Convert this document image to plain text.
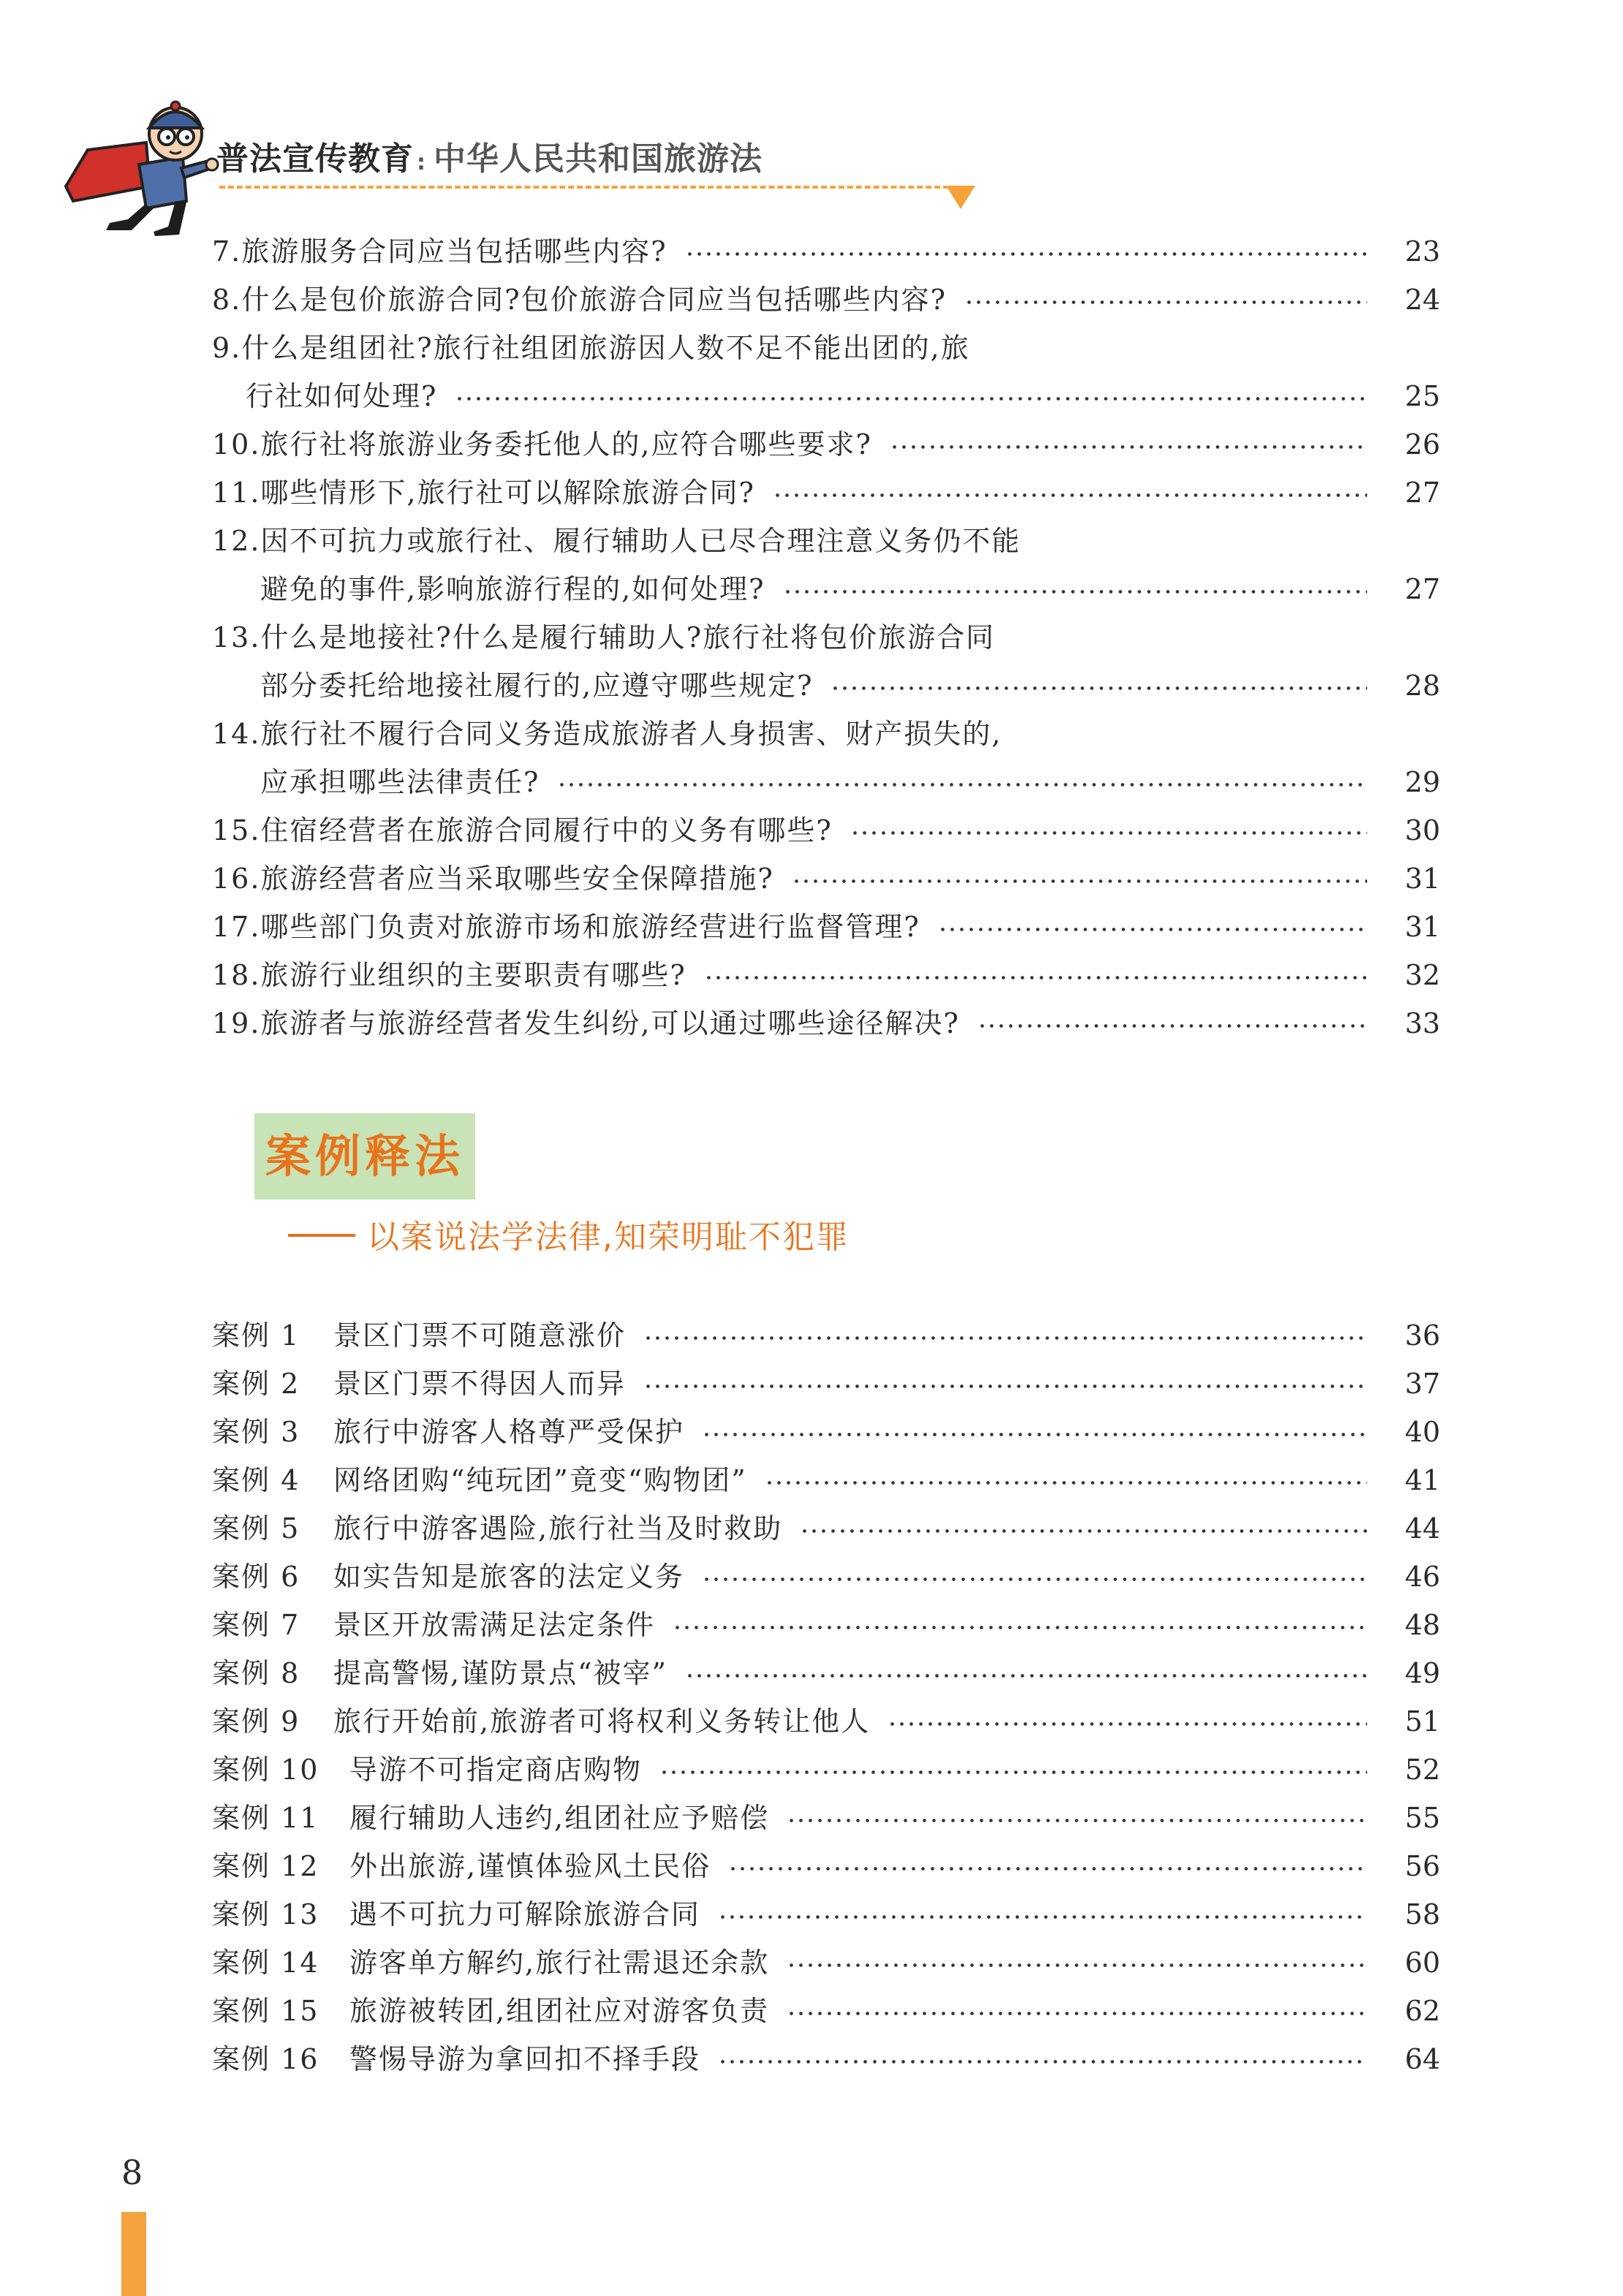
普法宣传教育 : 中华人民共和国旅游法
7.旅游服务合同应当包括哪些内容?	23
8.什么是包价旅游合同?包价旅游合同应当包括哪些内容?	24
9.什么是组团社?旅行社组团旅游因人数不足不能出团的,旅
行社如何处理?	25
10.旅行社将旅游业务委托他人的,应符合哪些要求?	26
11.哪些情形下,旅行社可以解除旅游合同?	27
12.因不可抗力或旅行社、履行辅助人已尽合理注意义务仍不能
避免的事件,影响旅游行程的,如何处理?	27
13.什么是地接社?什么是履行辅助人?旅行社将包价旅游合同
部分委托给地接社履行的,应遵守哪些规定?	28
14.旅行社不履行合同义务造成旅游者人身损害、财产损失的,
应承担哪些法律责任?	29
15.住宿经营者在旅游合同履行中的义务有哪些?	30
16.旅游经营者应当采取哪些安全保障措施?	31
17.哪些部门负责对旅游市场和旅游经营进行监督管理?	31
18.旅游行业组织的主要职责有哪些?	32
19.旅游者与旅游经营者发生纠纷,可以通过哪些途径解决?	33
案例释法
以案说法学法律,知荣明耻不犯罪
案例 1 景区门票不可随意涨价	36
案例 2 景区门票不得因人而异	37
案例 3 旅行中游客人格尊严受保护	40
案例 4 网络团购“纯玩团”竟变“购物团”	41
案例 5 旅行中游客遇险,旅行社当及时救助	44
案例 6 如实告知是旅客的法定义务	46
案例 7 景区开放需满足法定条件	48
案例 8 提高警惕,谨防景点“被宰”	49
案例 9 旅行开始前,旅游者可将权利义务转让他人	51
案例 10 导游不可指定商店购物	52
案例 11 履行辅助人违约,组团社应予赔偿	55
案例 12 外出旅游,谨慎体验风土民俗	56
案例 13 遇不可抗力可解除旅游合同	58
案例 14 游客单方解约,旅行社需退还余款	60
案例 15 旅游被转团,组团社应对游客负责	62
案例 16 警惕导游为拿回扣不择手段	64
8
